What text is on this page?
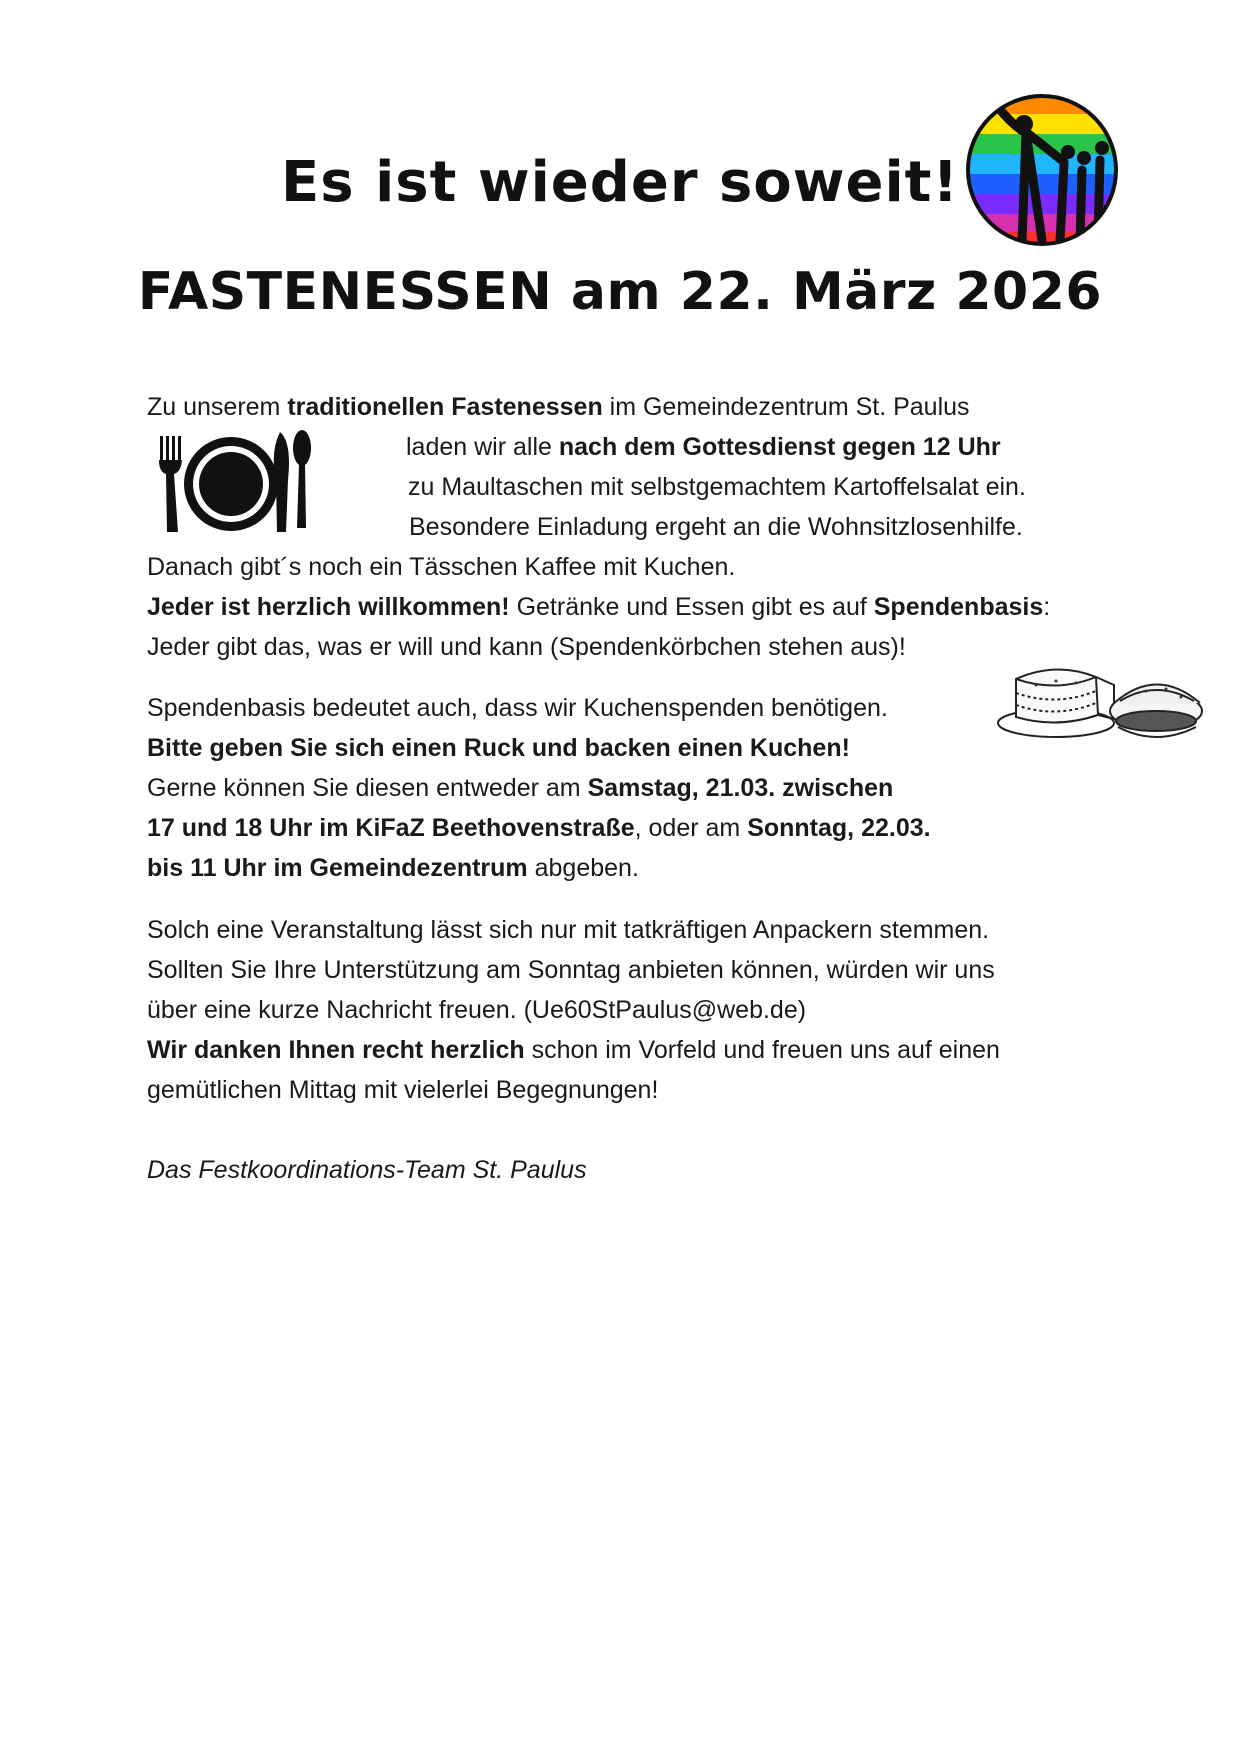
Es ist wieder soweit!
FASTENESSEN am 22. März 2026

Zu unserem traditionellen Fastenessen im Gemeindezentrum St. Paulus

laden wir alle nach dem Gottesdienst gegen 12 Uhr

zu Maultaschen mit selbstgemachtem Kartoffelsalat ein.

Besondere Einladung ergeht an die Wohnsitzlosenhilfe.

Danach gibt´s noch ein Tässchen Kaffee mit Kuchen.

Jeder ist herzlich willkommen! Getränke und Essen gibt es auf Spendenbasis:

Jeder gibt das, was er will und kann (Spendenkörbchen stehen aus)!

Spendenbasis bedeutet auch, dass wir Kuchenspenden benötigen.

Bitte geben Sie sich einen Ruck und backen einen Kuchen!

Gerne können Sie diesen entweder am Samstag, 21.03. zwischen

17 und 18 Uhr im KiFaZ Beethovenstraße, oder am Sonntag, 22.03.

bis 11 Uhr im Gemeindezentrum abgeben.

Solch eine Veranstaltung lässt sich nur mit tatkräftigen Anpackern stemmen.

Sollten Sie Ihre Unterstützung am Sonntag anbieten können, würden wir uns

über eine kurze Nachricht freuen. (Ue60StPaulus@web.de)

Wir danken Ihnen recht herzlich schon im Vorfeld und freuen uns auf einen

gemütlichen Mittag mit vielerlei Begegnungen!

Das Festkoordinations-Team St. Paulus
